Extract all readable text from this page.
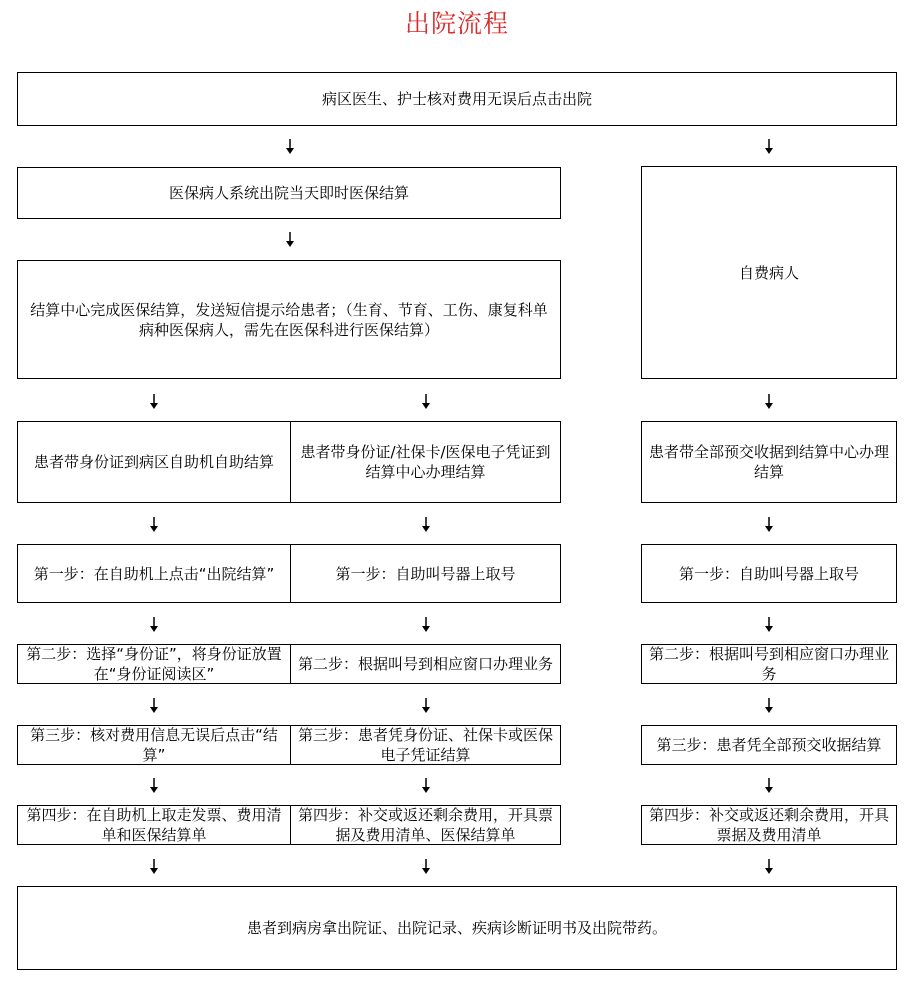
出院流程
病区医生、护士核对费用无误后点击出院
医保病人系统出院当天即时医保结算
自费病人
结算中心完成医保结算，发送短信提示给患者；（生育、节育、工伤、康复科单病种医保病人，需先在医保科进行医保结算）
患者带身份证到病区自助机自助结算
患者带身份证/社保卡/医保电子凭证到结算中心办理结算
患者带全部预交收据到结算中心办理结算
第一步：在自助机上点击“出院结算”	第一步：自助叫号器上取号	第一步：自助叫号器上取号
第二步：选择“身份证”，将身份证放置在“身份证阅读区”
第二步：根据叫号到相应窗口办理业务
第二步：根据叫号到相应窗口办理业务
第三步：核对费用信息无误后点击“结算”
第三步：患者凭身份证、社保卡或医保电子凭证结算
第三步：患者凭全部预交收据结算
第四步：在自助机上取走发票、费用清单和医保结算单
第四步：补交或返还剩余费用，开具票据及费用清单、医保结算单
第四步：补交或返还剩余费用，开具票据及费用清单
患者到病房拿出院证、出院记录、疾病诊断证明书及出院带药。
